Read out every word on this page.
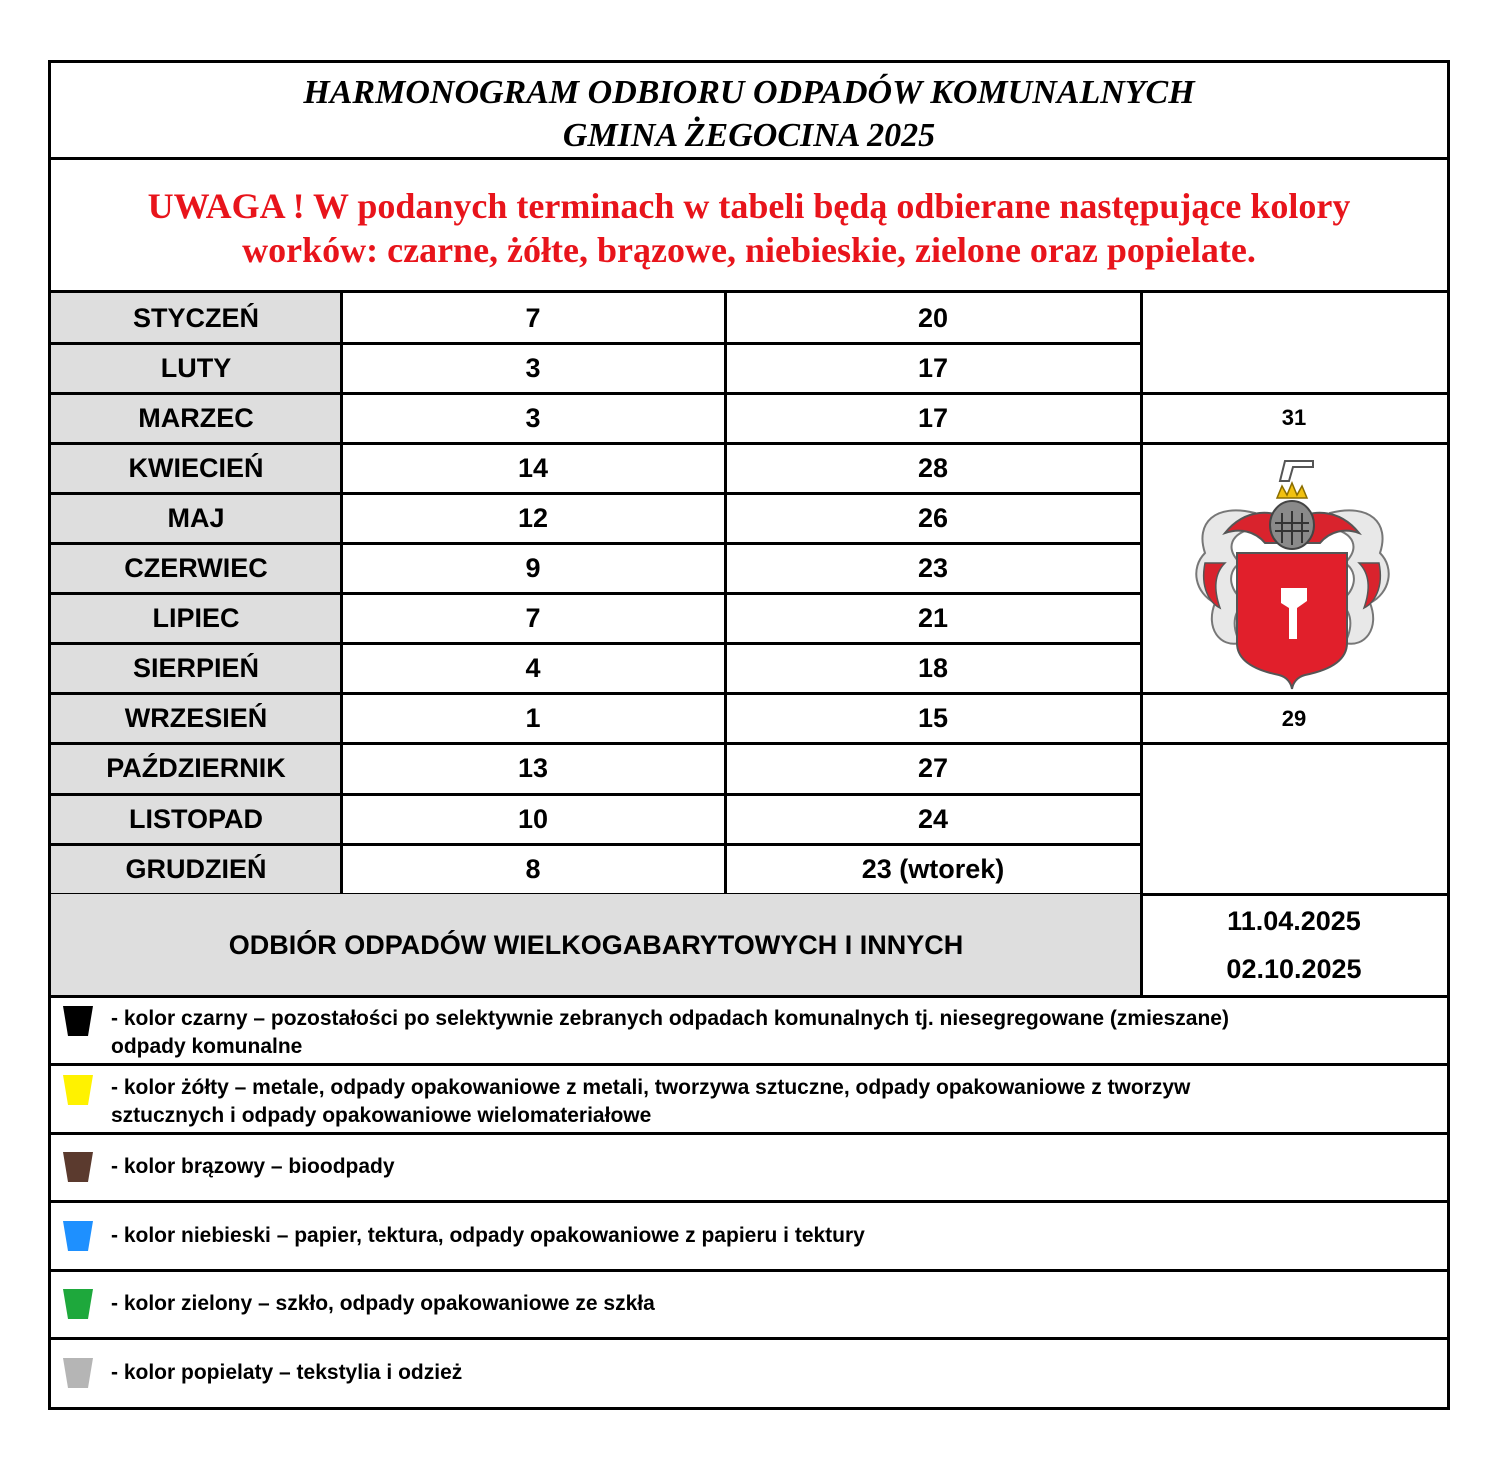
HARMONOGRAM ODBIORU ODPADÓW KOMUNALNYCH
GMINA ŻEGOCINA 2025
UWAGA ! W podanych terminach w tabeli będą odbierane następujące kolory
worków: czarne, żółte, brązowe, niebieskie, zielone oraz popielate.
STYCZEŃ	7	20
LUTY	3	17
MARZEC	3	17	31
KWIECIEŃ	14	28
MAJ	12	26
CZERWIEC	9	23
LIPIEC	7	21
SIERPIEŃ	4	18
WRZESIEŃ	1	15	29
PAŹDZIERNIK	13	27
LISTOPAD	10	24
GRUDZIEŃ	8	23 (wtorek)
ODBIÓR ODPADÓW WIELKOGABARYTOWYCH I INNYCH
11.04.2025
02.10.2025
- kolor czarny – pozostałości po selektywnie zebranych odpadach komunalnych tj. niesegregowane (zmieszane)
odpady komunalne
- kolor żółty – metale, odpady opakowaniowe z metali, tworzywa sztuczne, odpady opakowaniowe z tworzyw
sztucznych i odpady opakowaniowe wielomateriałowe
- kolor brązowy – bioodpady
- kolor niebieski – papier, tektura, odpady opakowaniowe z papieru i tektury
- kolor zielony – szkło, odpady opakowaniowe ze szkła
- kolor popielaty – tekstylia i odzież
